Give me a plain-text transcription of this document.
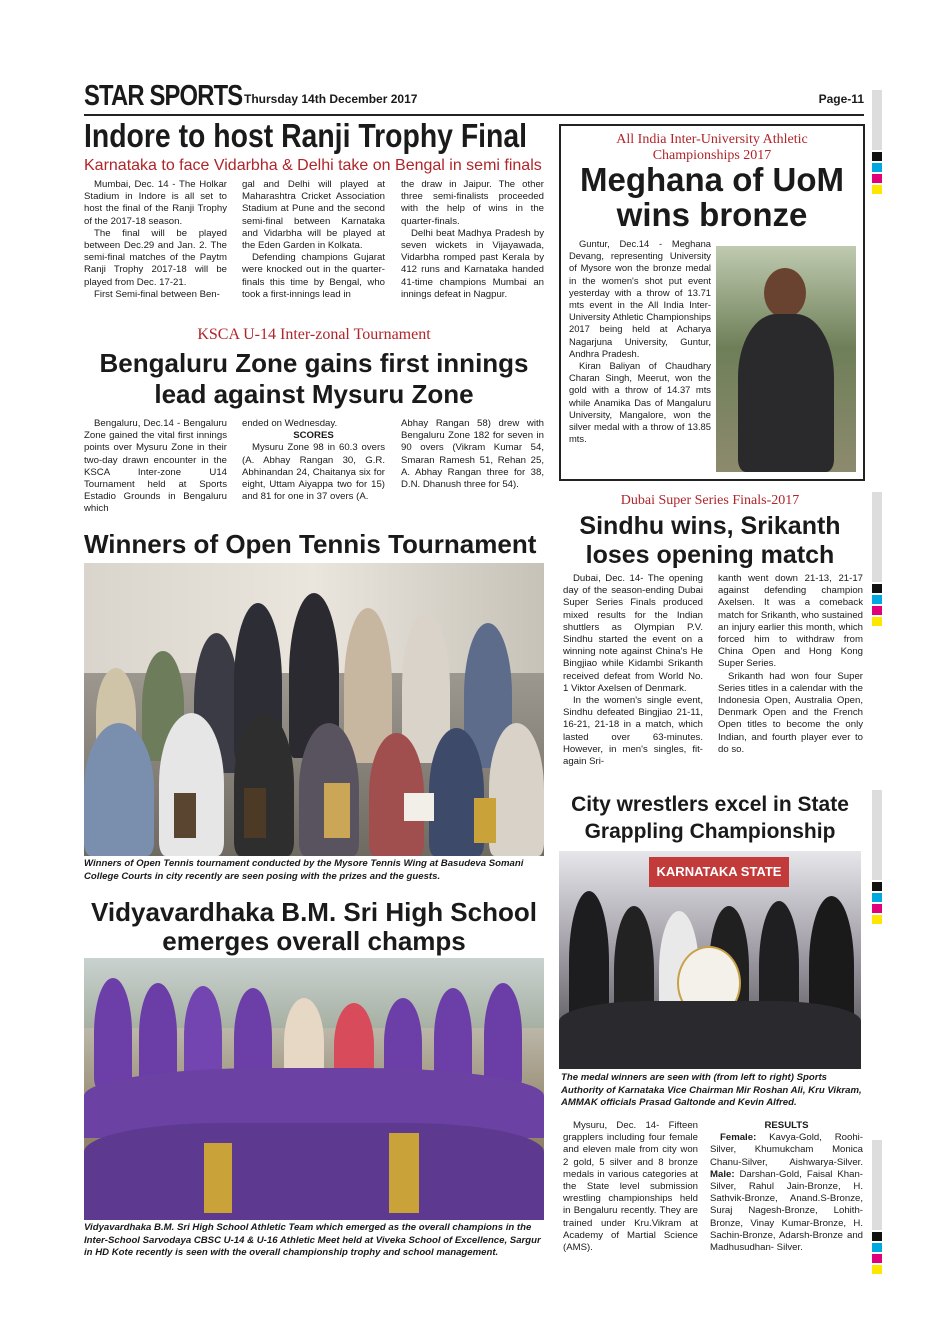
STAR SPORTS Thursday 14th December 2017	Page-11
Indore to host Ranji Trophy Final
Karnataka to face Vidarbha & Delhi take on Bengal in semi finals

Mumbai, Dec. 14 - The Holkar Stadium in Indore is all set to host the final of the Ranji Trophy of the 2017-18 season.

The final will be played between Dec.29 and Jan. 2. The semi-final matches of the Paytm Ranji Trophy 2017-18 will be played from Dec. 17-21.

First Semi-final between Ben-

gal and Delhi will played at Maharashtra Cricket Association Stadium at Pune and the second semi-final between Karnataka and Vidarbha will be played at the Eden Garden in Kolkata.

Defending champions Gujarat were knocked out in the quarter-finals this time by Bengal, who took a first-innings lead in

the draw in Jaipur. The other three semi-finalists proceeded with the help of wins in the quarter-finals.

Delhi beat Madhya Pradesh by seven wickets in Vijayawada, Vidarbha romped past Kerala by 412 runs and Karnataka handed 41-time champions Mumbai an innings defeat in Nagpur.

KSCA U-14 Inter-zonal Tournament
Bengaluru Zone gains first innings
lead against Mysuru Zone

Bengaluru, Dec.14 - Bengaluru Zone gained the vital first innings points over Mysuru Zone in their two-day drawn encounter in the KSCA Inter-zone U14 Tournament held at Sports Estadio Grounds in Bengaluru which

ended on Wednesday.

SCORES

Mysuru Zone 98 in 60.3 overs (A. Abhay Rangan 30, G.R. Abhinandan 24, Chaitanya six for eight, Uttam Aiyappa two for 15) and 81 for one in 37 overs (A.

Abhay Rangan 58) drew with Bengaluru Zone 182 for seven in 90 overs (Vikram Kumar 54, Smaran Ramesh 51, Rehan 25, A. Abhay Rangan three for 38, D.N. Dhanush three for 54).

Winners of Open Tennis Tournament
Winners of Open Tennis tournament conducted by the Mysore Tennis Wing at Basudeva Somani College Courts in city recently are seen posing with the prizes and the guests.
Vidyavardhaka B.M. Sri High School
emerges overall champs
Vidyavardhaka B.M. Sri High School Athletic Team which emerged as the overall champions in the Inter-School Sarvodaya CBSC U-14 & U-16 Athletic Meet held at Viveka School of Excellence, Sargur in HD Kote recently is seen with the overall championship trophy and school management.
All India Inter-University Athletic
Championships 2017
Meghana of UoM
wins bronze

Guntur, Dec.14 - Meghana Devang, representing University of Mysore won the bronze medal in the women's shot put event yesterday with a throw of 13.71 mts event in the All India Inter-University Athletic Championships 2017 being held at Acharya Nagarjuna University, Guntur, Andhra Pradesh.

Kiran Baliyan of Chaudhary Charan Singh, Meerut, won the gold with a throw of 14.37 mts while Anamika Das of Mangaluru University, Mangalore, won the silver medal with a throw of 13.85 mts.

Dubai Super Series Finals-2017
Sindhu wins, Srikanth
loses opening match

Dubai, Dec. 14- The opening day of the season-ending Dubai Super Series Finals produced mixed results for the Indian shuttlers as Olympian P.V. Sindhu started the event on a winning note against China's He Bingjiao while Kidambi Srikanth received defeat from World No. 1 Viktor Axelsen of Denmark.

In the women's single event, Sindhu defeated Bingjiao 21-11, 16-21, 21-18 in a match, which lasted over 63-minutes. However, in men's singles, fit-again Sri-

kanth went down 21-13, 21-17 against defending champion Axelsen. It was a comeback match for Srikanth, who sustained an injury earlier this month, which forced him to withdraw from China Open and Hong Kong Super Series.

Srikanth had won four Super Series titles in a calendar with the Indonesia Open, Australia Open, Denmark Open and the French Open titles to become the only Indian, and fourth player ever to do so.

City wrestlers excel in State
Grappling Championship
KARNATAKA STATE
The medal winners are seen with (from left to right) Sports Authority of Karnataka Vice Chairman Mir Roshan Ali, Kru Vikram, AMMAK officials Prasad Galtonde and Kevin Alfred.

Mysuru, Dec. 14- Fifteen grapplers including four female and eleven male from city won 2 gold, 5 silver and 8 bronze medals in various categories at the State level submission wrestling championships held in Bengaluru recently. They are trained under Kru.Vikram at Academy of Martial Science (AMS).

RESULTS

Female: Kavya-Gold, Roohi-Silver, Khumukcham Monica Chanu-Silver, Aishwarya-Silver. Male: Darshan-Gold, Faisal Khan-Silver, Rahul Jain-Bronze, H. Sathvik-Bronze, Anand.S-Bronze, Suraj Nagesh-Bronze, Lohith-Bronze, Vinay Kumar-Bronze, H. Sachin-Bronze, Adarsh-Bronze and Madhusudhan- Silver.
